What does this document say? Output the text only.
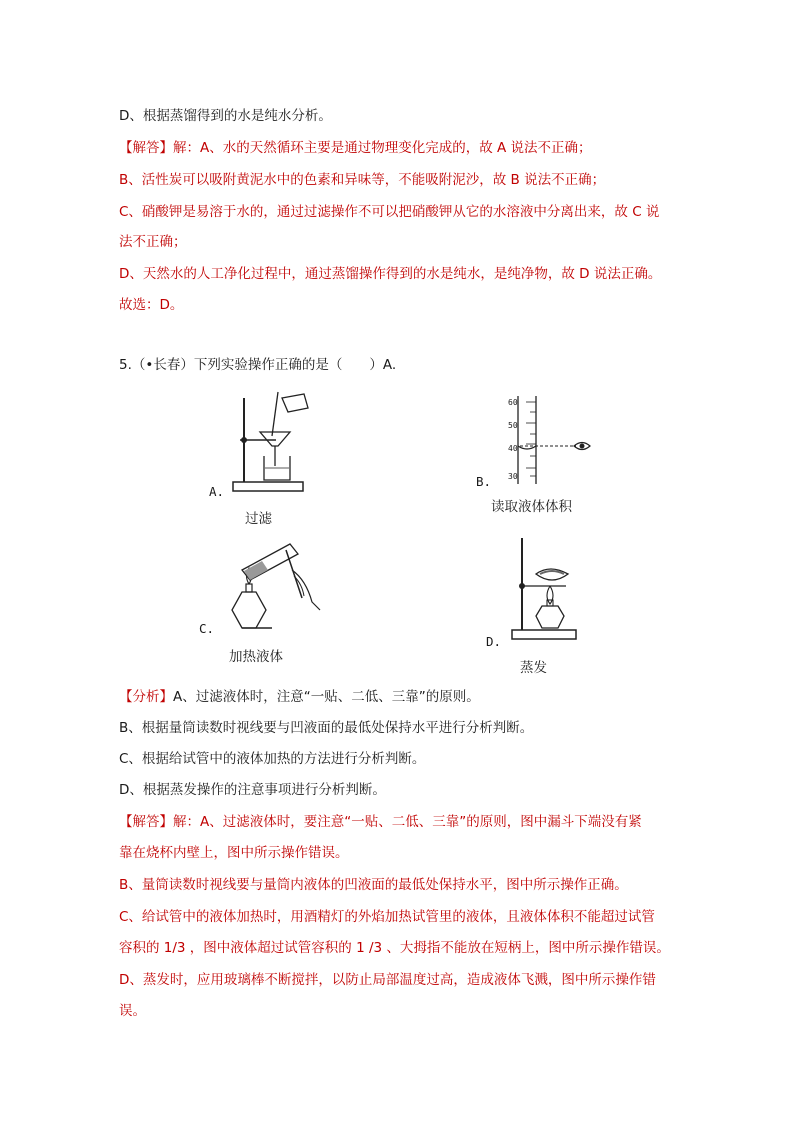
D、根据蒸馏得到的水是纯水分析。
【解答】解：A、水的天然循环主要是通过物理变化完成的，故 A 说法不正确；
B、活性炭可以吸附黄泥水中的色素和异味等，不能吸附泥沙，故 B 说法不正确；
C、硝酸钾是易溶于水的，通过过滤操作不可以把硝酸钾从它的水溶液中分离出来，故 C 说
法不正确；
D、天然水的人工净化过程中，通过蒸馏操作得到的水是纯水，是纯净物，故 D 说法正确。
故选：D。
5.（•长春）下列实验操作正确的是（　　）A.
A.
过滤
60
50
40
30
B.
读取液体体积
C.
加热液体
D.
蒸发
【分析】A、过滤液体时，注意“一贴、二低、三靠”的原则。
B、根据量筒读数时视线要与凹液面的最低处保持水平进行分析判断。
C、根据给试管中的液体加热的方法进行分析判断。
D、根据蒸发操作的注意事项进行分析判断。
【解答】解：A、过滤液体时，要注意“一贴、二低、三靠”的原则，图中漏斗下端没有紧
靠在烧杯内壁上，图中所示操作错误。
B、量筒读数时视线要与量筒内液体的凹液面的最低处保持水平，图中所示操作正确。
C、给试管中的液体加热时，用酒精灯的外焰加热试管里的液体，且液体体积不能超过试管
容积的 1/3 ，图中液体超过试管容积的 1 /3 、大拇指不能放在短柄上，图中所示操作错误。
D、蒸发时，应用玻璃棒不断搅拌，以防止局部温度过高，造成液体飞溅，图中所示操作错
误。
